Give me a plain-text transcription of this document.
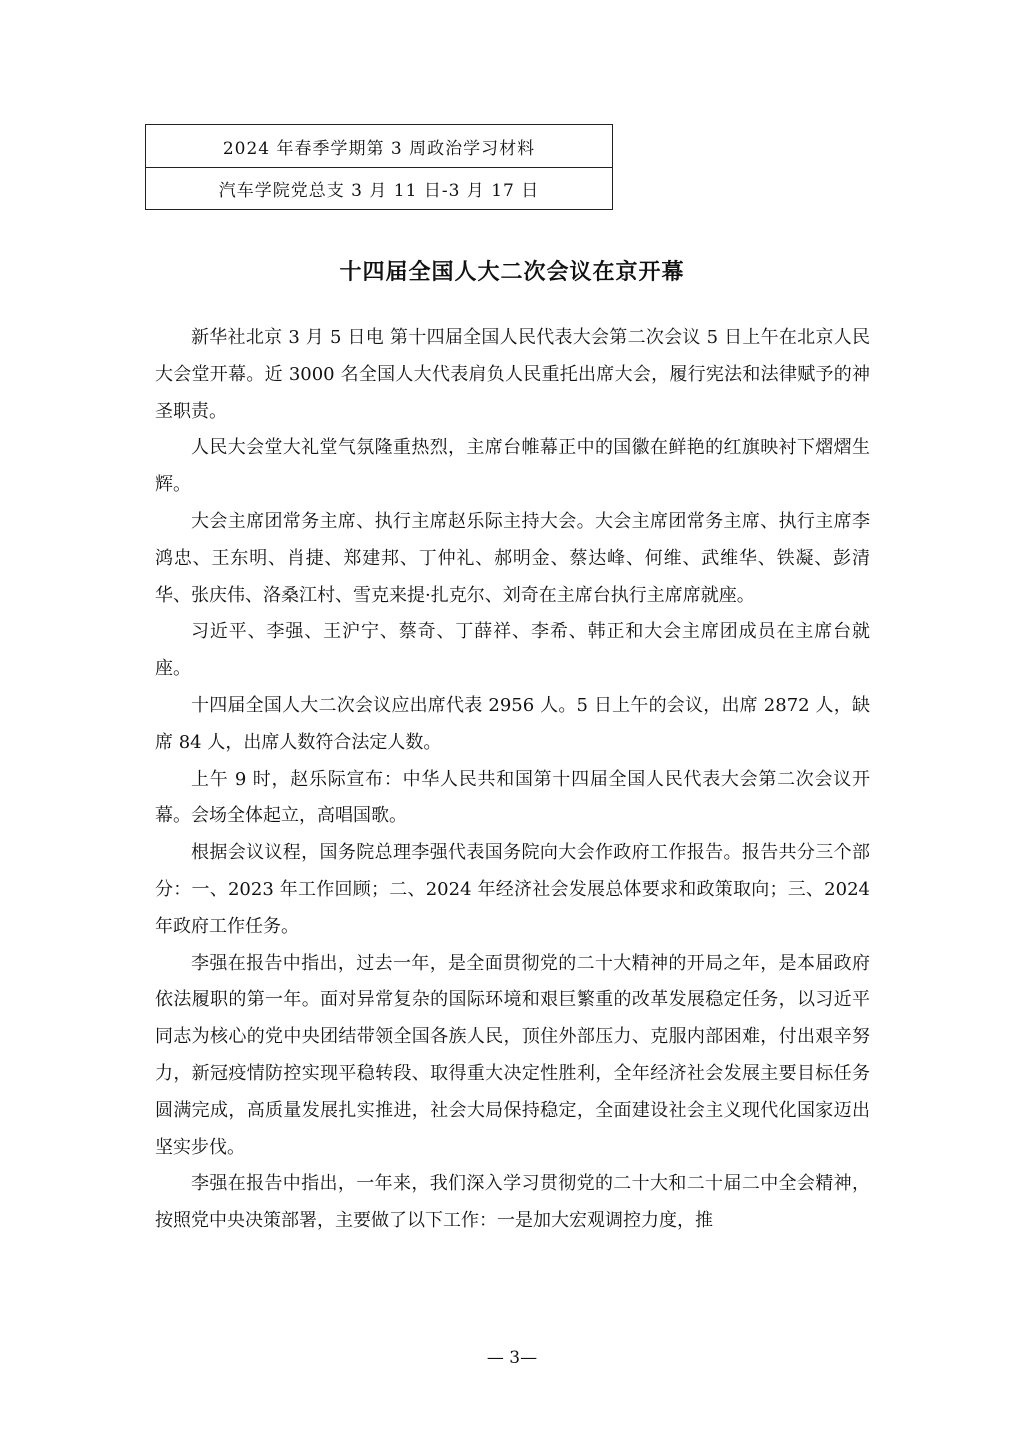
2024 年春季学期第 3 周政治学习材料
汽车学院党总支 3 月 11 日-3 月 17 日
十四届全国人大二次会议在京开幕

新华社北京 3 月 5 日电 第十四届全国人民代表大会第二次会议 5 日上午在北京人民大会堂开幕。近 3000 名全国人大代表肩负人民重托出席大会，履行宪法和法律赋予的神圣职责。

人民大会堂大礼堂气氛隆重热烈，主席台帷幕正中的国徽在鲜艳的红旗映衬下熠熠生辉。

大会主席团常务主席、执行主席赵乐际主持大会。大会主席团常务主席、执行主席李鸿忠、王东明、肖捷、郑建邦、丁仲礼、郝明金、蔡达峰、何维、武维华、铁凝、彭清华、张庆伟、洛桑江村、雪克来提·扎克尔、刘奇在主席台执行主席席就座。

习近平、李强、王沪宁、蔡奇、丁薛祥、李希、韩正和大会主席团成员在主席台就座。

十四届全国人大二次会议应出席代表 2956 人。5 日上午的会议，出席 2872 人，缺席 84 人，出席人数符合法定人数。

上午 9 时，赵乐际宣布：中华人民共和国第十四届全国人民代表大会第二次会议开幕。会场全体起立，高唱国歌。

根据会议议程，国务院总理李强代表国务院向大会作政府工作报告。报告共分三个部分：一、2023 年工作回顾；二、2024 年经济社会发展总体要求和政策取向；三、2024 年政府工作任务。

李强在报告中指出，过去一年，是全面贯彻党的二十大精神的开局之年，是本届政府依法履职的第一年。面对异常复杂的国际环境和艰巨繁重的改革发展稳定任务，以习近平同志为核心的党中央团结带领全国各族人民，顶住外部压力、克服内部困难，付出艰辛努力，新冠疫情防控实现平稳转段、取得重大决定性胜利，全年经济社会发展主要目标任务圆满完成，高质量发展扎实推进，社会大局保持稳定，全面建设社会主义现代化国家迈出坚实步伐。

李强在报告中指出，一年来，我们深入学习贯彻党的二十大和二十届二中全会精神，按照党中央决策部署，主要做了以下工作：一是加大宏观调控力度，推

— 3—
